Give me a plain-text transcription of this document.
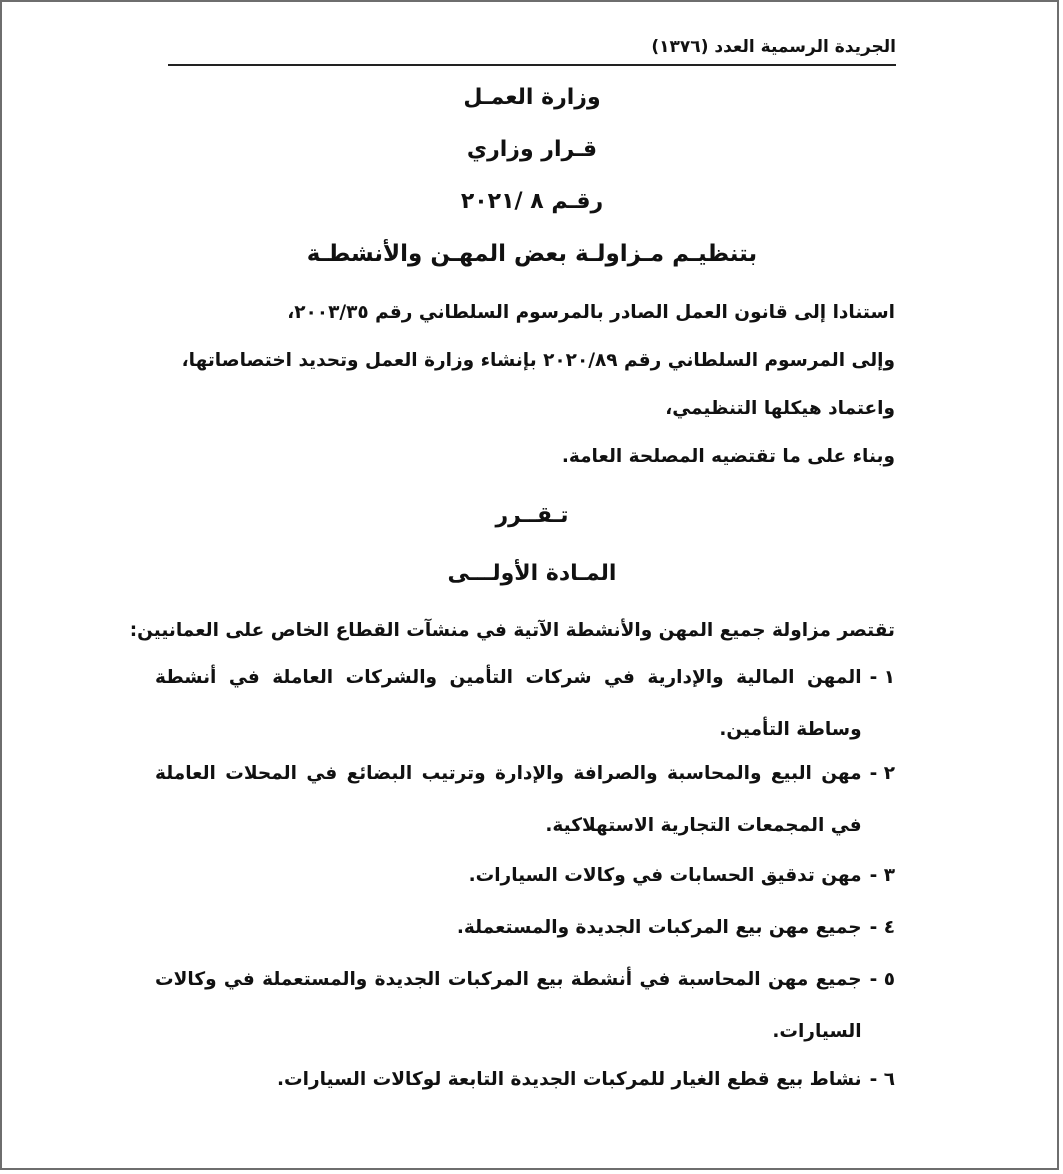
الجريدة الرسمية العدد (١٣٧٦)
وزارة العمـل
قـرار وزاري
رقـم ٨ /٢٠٢١
بتنظيـم مـزاولـة بعض المهـن والأنشطـة
استنادا إلى قانون العمل الصادر بالمرسوم السلطاني رقم ٢٠٠٣/٣٥،
وإلى المرسوم السلطاني رقم ٢٠٢٠/٨٩ بإنشاء وزارة العمل وتحديد اختصاصاتها،
واعتماد هيكلها التنظيمي،
وبناء على ما تقتضيه المصلحة العامة.
تـقــرر
المـادة الأولـــى
تقتصر مزاولة جميع المهن والأنشطة الآتية في منشآت القطاع الخاص على العمانيين:
١ -
المهن المالية والإدارية في شركات التأمين والشركات العاملة في أنشطة وساطة التأمين.
٢ -
مهن البيع والمحاسبة والصرافة والإدارة وترتيب البضائع في المحلات العاملة في المجمعات التجارية الاستهلاكية.
٣ -
مهن تدقيق الحسابات في وكالات السيارات.
٤ -
جميع مهن بيع المركبات الجديدة والمستعملة.
٥ -
جميع مهن المحاسبة في أنشطة بيع المركبات الجديدة والمستعملة في وكالات السيارات.
٦ -
نشاط بيع قطع الغيار للمركبات الجديدة التابعة لوكالات السيارات.
